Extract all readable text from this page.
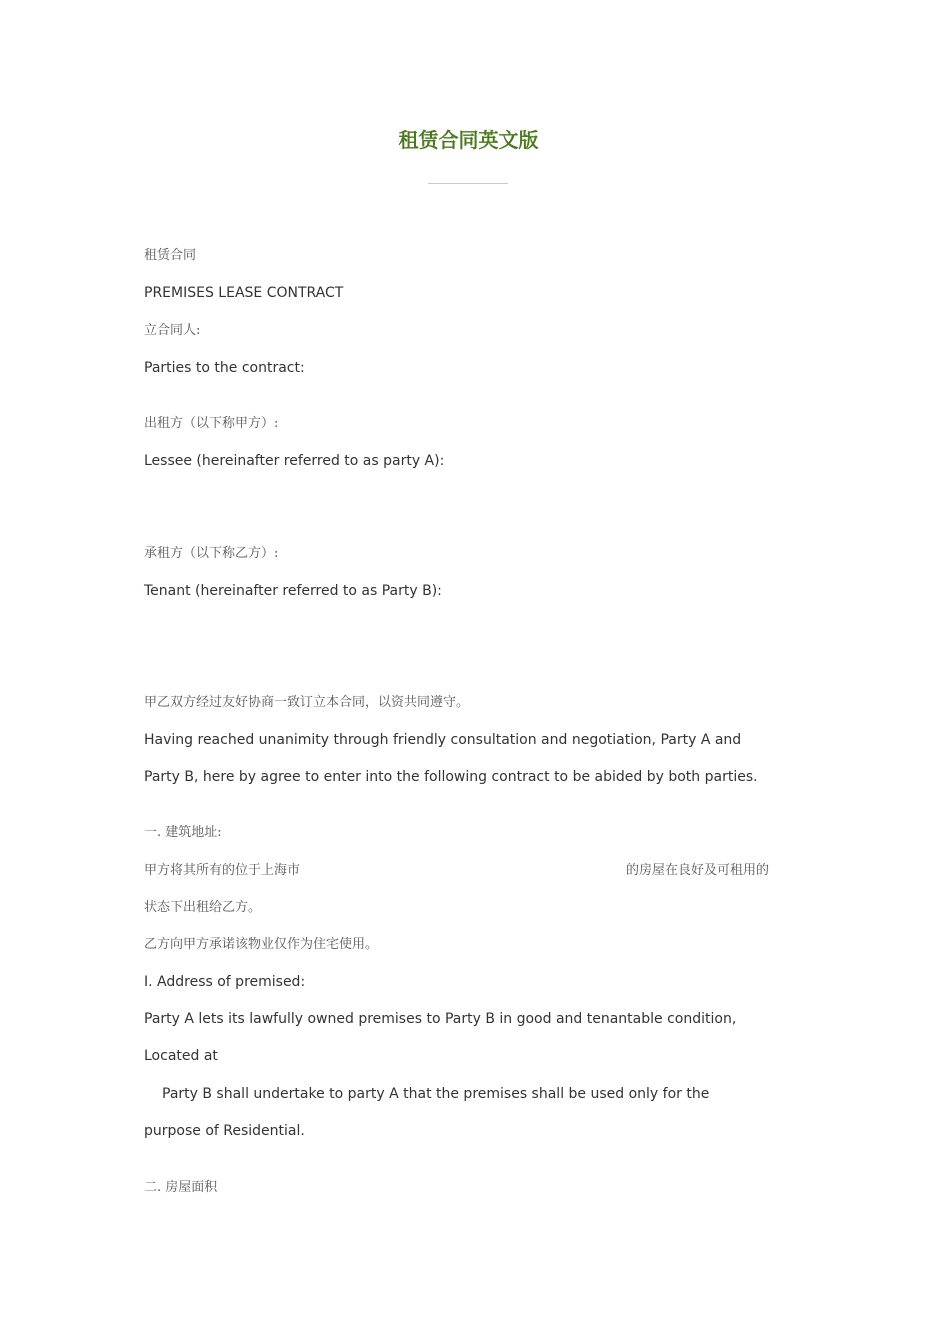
租赁合同英文版

租赁合同

PREMISES LEASE CONTRACT

立合同人:

Parties to the contract:

出租方（以下称甲方）:

Lessee (hereinafter referred to as party A):

承租方（以下称乙方）:

Tenant (hereinafter referred to as Party B):

甲乙双方经过友好协商一致订立本合同，以资共同遵守。

Having reached unanimity through friendly consultation and negotiation, Party A and

Party B, here by agree to enter into the following contract to be abided by both parties.

一. 建筑地址:

甲方将其所有的位于上海市	的房屋在良好及可租用的

状态下出租给乙方。

乙方向甲方承诺该物业仅作为住宅使用。

Ⅰ. Address of premised:

Party A lets its lawfully owned premises to Party B in good and tenantable condition,

Located at

Party B shall undertake to party A that the premises shall be used only for the

purpose of Residential.

二. 房屋面积
